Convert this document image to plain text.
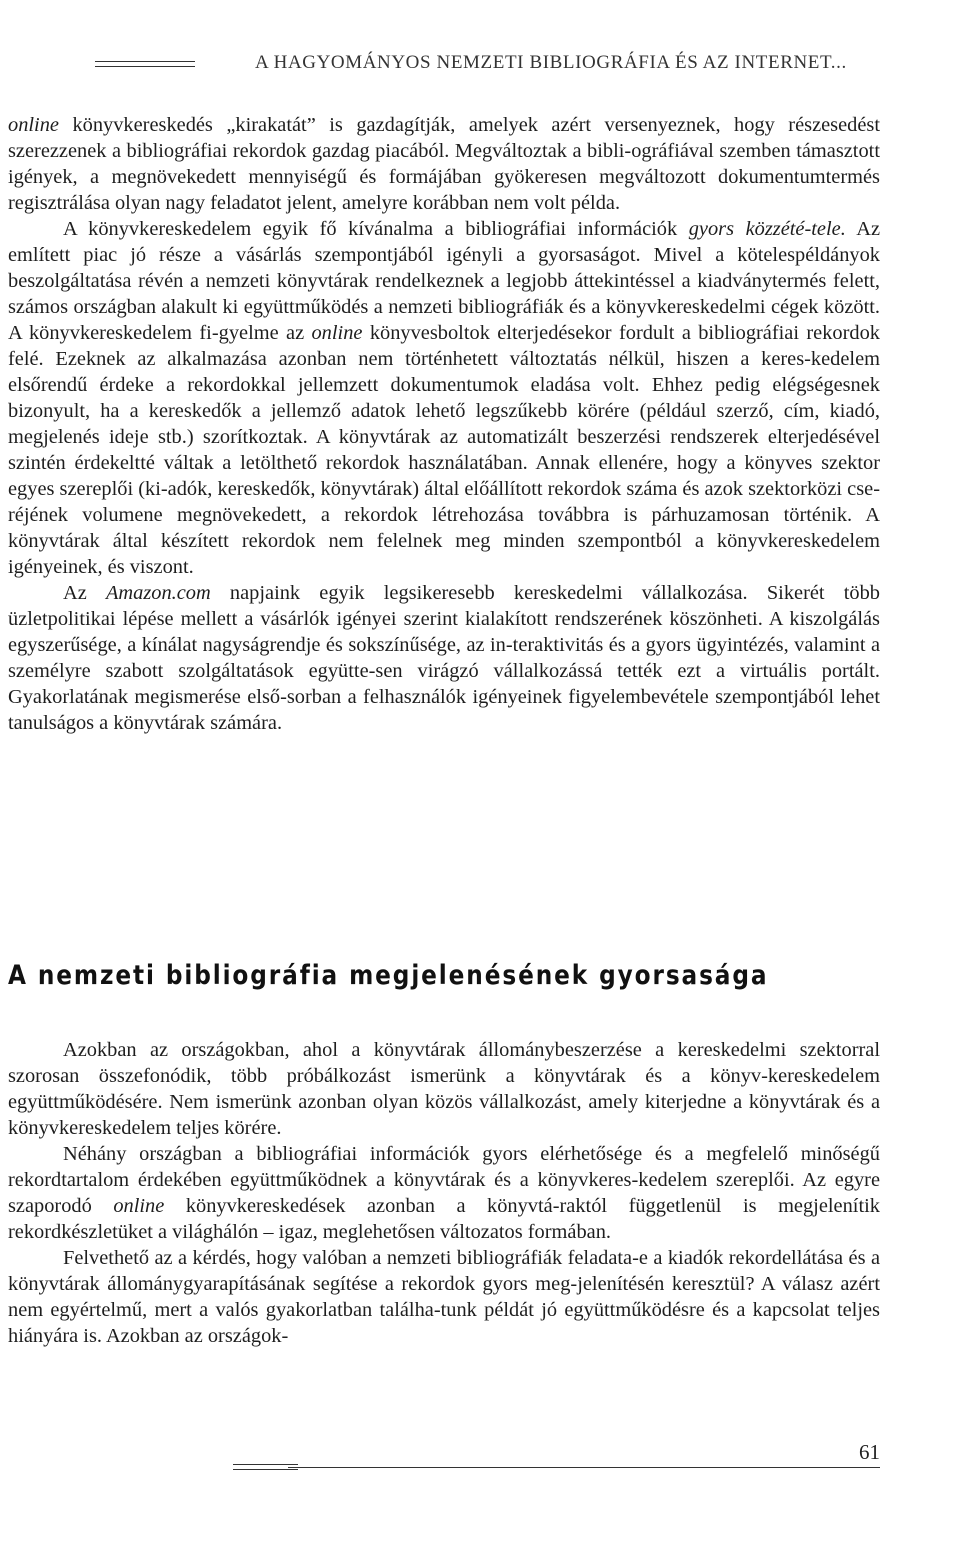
A HAGYOMÁNYOS NEMZETI BIBLIOGRÁFIA ÉS AZ INTERNET...

online könyvkereskedés „kirakatát” is gazdagítják, amelyek azért versenyeznek, hogy részesedést szerezzenek a bibliográfiai rekordok gazdag piacából. Megváltoztak a bibli-ográfiával szemben támasztott igények, a megnövekedett mennyiségű és formájában gyökeresen megváltozott dokumentumtermés regisztrálása olyan nagy feladatot jelent, amelyre korábban nem volt példa.

A könyvkereskedelem egyik fő kívánalma a bibliográfiai információk gyors közzété-tele. Az említett piac jó része a vásárlás szempontjából igényli a gyorsaságot. Mivel a kötelespéldányok beszolgáltatása révén a nemzeti könyvtárak rendelkeznek a legjobb áttekintéssel a kiadványtermés felett, számos országban alakult ki együttműködés a nemzeti bibliográfiák és a könyvkereskedelmi cégek között. A könyvkereskedelem fi-gyelme az online könyvesboltok elterjedésekor fordult a bibliográfiai rekordok felé. Ezeknek az alkalmazása azonban nem történhetett változtatás nélkül, hiszen a keres-kedelem elsőrendű érdeke a rekordokkal jellemzett dokumentumok eladása volt. Ehhez pedig elégségesnek bizonyult, ha a kereskedők a jellemző adatok lehető legszűkebb körére (például szerző, cím, kiadó, megjelenés ideje stb.) szorítkoztak. A könyvtárak az automatizált beszerzési rendszerek elterjedésével szintén érdekeltté váltak a letölthető rekordok használatában. Annak ellenére, hogy a könyves szektor egyes szereplői (ki-adók, kereskedők, könyvtárak) által előállított rekordok száma és azok szektorközi cse-réjének volumene megnövekedett, a rekordok létrehozása továbbra is párhuzamosan történik. A könyvtárak által készített rekordok nem felelnek meg minden szempontból a könyvkereskedelem igényeinek, és viszont.

Az Amazon.com napjaink egyik legsikeresebb kereskedelmi vállalkozása. Sikerét több üzletpolitikai lépése mellett a vásárlók igényei szerint kialakított rendszerének köszönheti. A kiszolgálás egyszerűsége, a kínálat nagyságrendje és sokszínűsége, az in-teraktivitás és a gyors ügyintézés, valamint a személyre szabott szolgáltatások együtte-sen virágzó vállalkozássá tették ezt a virtuális portált. Gyakorlatának megismerése első-sorban a felhasználók igényeinek figyelembevétele szempontjából lehet tanulságos a könyvtárak számára.

A nemzeti bibliográfia megjelenésének gyorsasága

Azokban az országokban, ahol a könyvtárak állománybeszerzése a kereskedelmi szektorral szorosan összefonódik, több próbálkozást ismerünk a könyvtárak és a könyv-kereskedelem együttműködésére. Nem ismerünk azonban olyan közös vállalkozást, amely kiterjedne a könyvtárak és a könyvkereskedelem teljes körére.

Néhány országban a bibliográfiai információk gyors elérhetősége és a megfelelő minőségű rekordtartalom érdekében együttműködnek a könyvtárak és a könyvkeres-kedelem szereplői. Az egyre szaporodó online könyvkereskedések azonban a könyvtá-raktól függetlenül is megjelenítik rekordkészletüket a világhálón – igaz, meglehetősen változatos formában.

Felvethető az a kérdés, hogy valóban a nemzeti bibliográfiák feladata-e a kiadók rekordellátása és a könyvtárak állománygyarapításának segítése a rekordok gyors meg-jelenítésén keresztül? A válasz azért nem egyértelmű, mert a valós gyakorlatban találha-tunk példát jó együttműködésre és a kapcsolat teljes hiányára is. Azokban az országok-

61
